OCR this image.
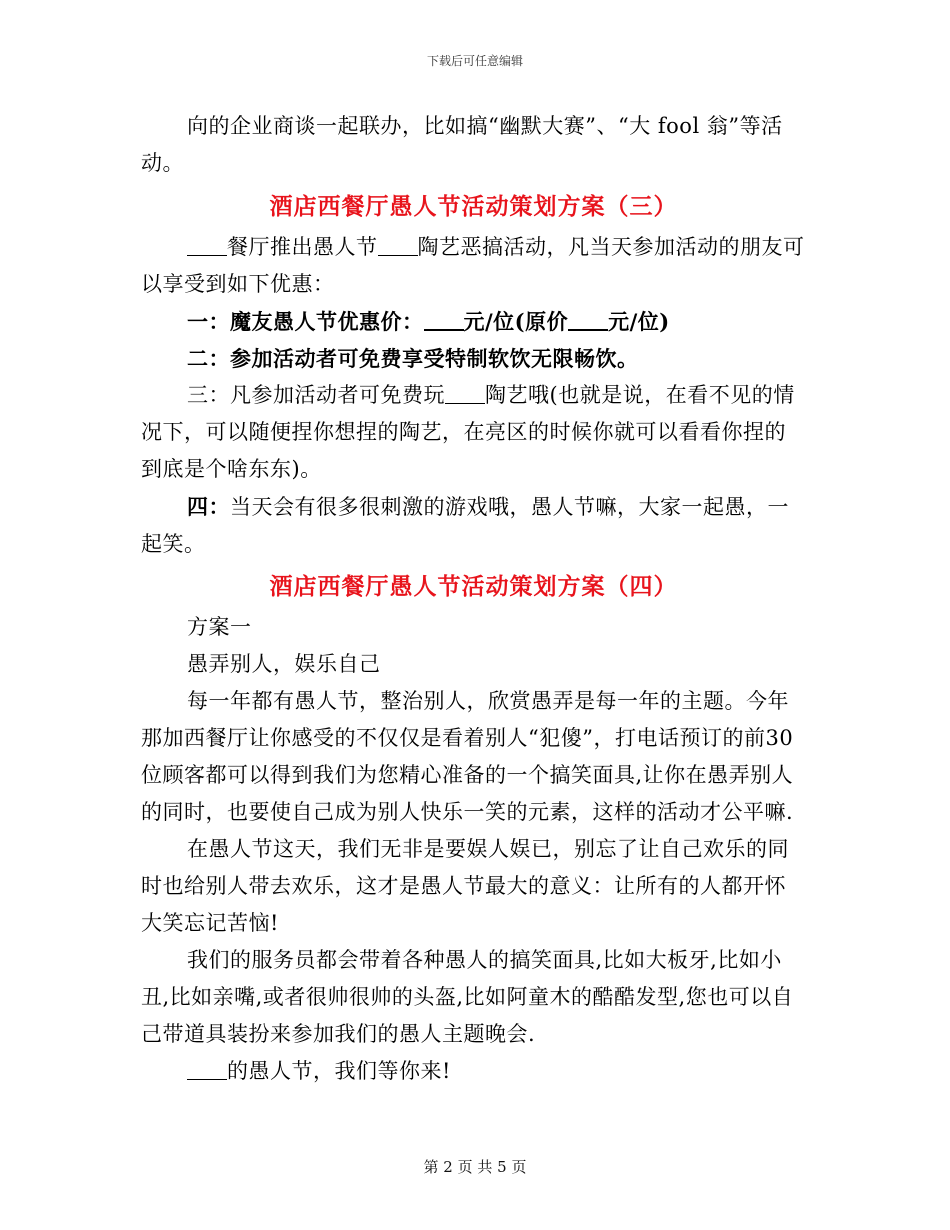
下载后可任意编辑

向的企业商谈一起联办，比如搞“幽默大赛”、“大 fool 翁”等活动。

酒店西餐厅愚人节活动策划方案（三）

餐厅推出愚人节 陶艺恶搞活动，凡当天参加活动的朋友可以享受到如下优惠：

一：魔友愚人节优惠价： 元/位(原价 元/位)

二：参加活动者可免费享受特制软饮无限畅饮。

三：凡参加活动者可免费玩 陶艺哦(也就是说，在看不见的情况下，可以随便捏你想捏的陶艺，在亮区的时候你就可以看看你捏的到底是个啥东东)。

四：当天会有很多很刺激的游戏哦，愚人节嘛，大家一起愚，一起笑。

酒店西餐厅愚人节活动策划方案（四）

方案一

愚弄别人，娱乐自己

每一年都有愚人节，整治别人，欣赏愚弄是每一年的主题。今年那加西餐厅让你感受的不仅仅是看着别人“犯傻”，打电话预订的前30位顾客都可以得到我们为您精心准备的一个搞笑面具,让你在愚弄别人的同时，也要使自己成为别人快乐一笑的元素，这样的活动才公平嘛.

在愚人节这天，我们无非是要娱人娱已，别忘了让自己欢乐的同时也给别人带去欢乐，这才是愚人节最大的意义：让所有的人都开怀大笑忘记苦恼!

我们的服务员都会带着各种愚人的搞笑面具,比如大板牙,比如小丑,比如亲嘴,或者很帅很帅的头盔,比如阿童木的酷酷发型,您也可以自己带道具装扮来参加我们的愚人主题晚会.

的愚人节，我们等你来!

第 2 页 共 5 页
